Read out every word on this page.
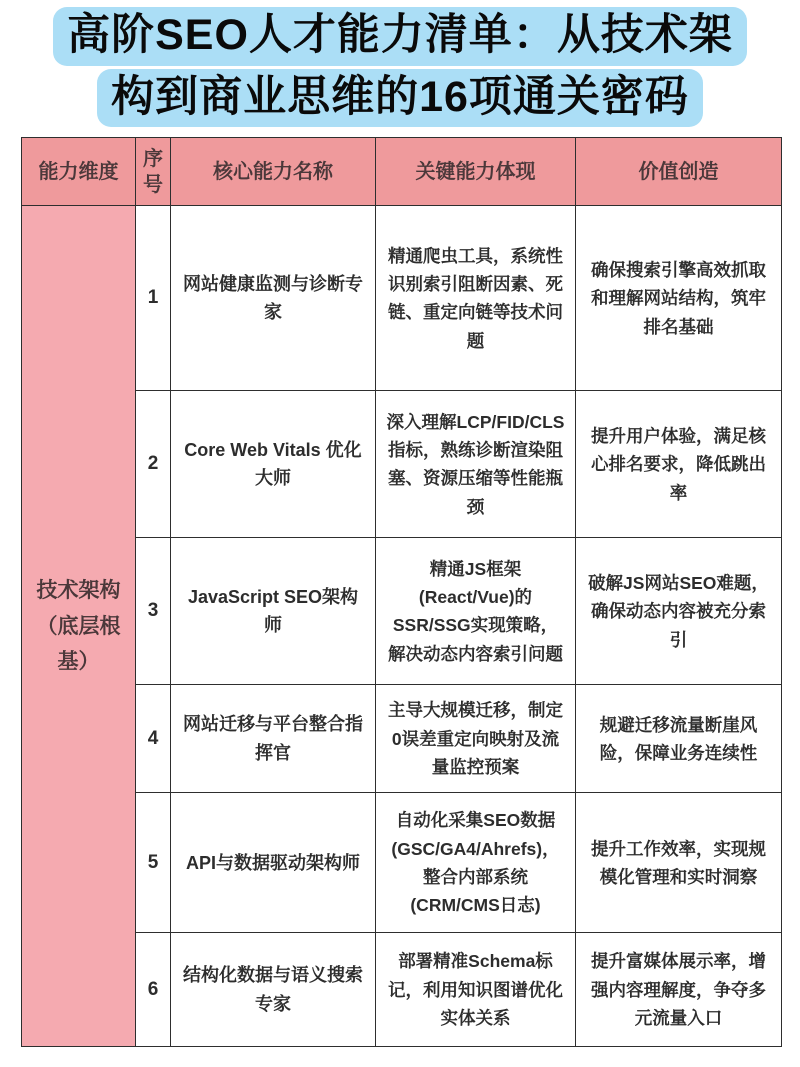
高阶SEO人才能力清单：从技术架
构到商业思维的16项通关密码
能力维度	序号	核心能力名称	关键能力体现	价值创造
技术架构（底层根基）	1	网站健康监测与诊断专家	精通爬虫工具，系统性识别索引阻断因素、死链、重定向链等技术问题	确保搜索引擎高效抓取和理解网站结构，筑牢排名基础
	2	Core Web Vitals 优化大师	深入理解LCP/FID/CLS指标，熟练诊断渲染阻塞、资源压缩等性能瓶颈	提升用户体验，满足核心排名要求，降低跳出率
	3	JavaScript SEO架构师	精通JS框架(React/Vue)的SSR/SSG实现策略，解决动态内容索引问题	破解JS网站SEO难题，确保动态内容被充分索引
	4	网站迁移与平台整合指挥官	主导大规模迁移，制定0误差重定向映射及流量监控预案	规避迁移流量断崖风险，保障业务连续性
	5	API与数据驱动架构师	自动化采集SEO数据(GSC/GA4/Ahrefs)，整合内部系统(CRM/CMS日志)	提升工作效率，实现规模化管理和实时洞察
	6	结构化数据与语义搜索专家	部署精准Schema标记，利用知识图谱优化实体关系	提升富媒体展示率，增强内容理解度，争夺多元流量入口
